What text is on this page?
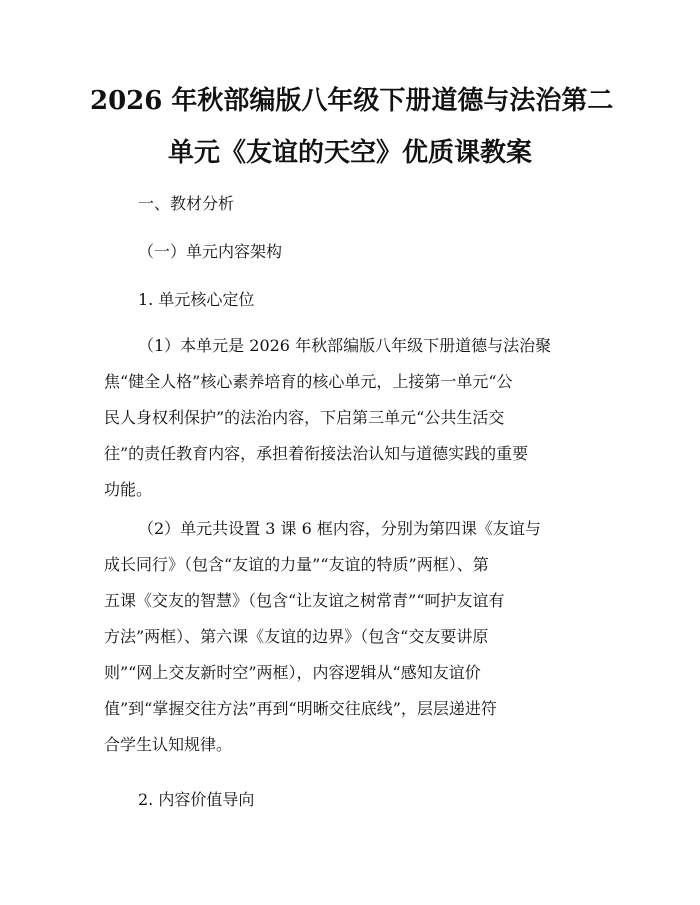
2026 年秋部编版八年级下册道德与法治第二
单元《友谊的天空》优质课教案

一、教材分析

（一）单元内容架构

1. 单元核心定位

（1）本单元是 2026 年秋部编版八年级下册道德与法治聚

焦“健全人格”核心素养培育的核心单元，上接第一单元“公

民人身权利保护”的法治内容，下启第三单元“公共生活交

往”的责任教育内容，承担着衔接法治认知与道德实践的重要

功能。

（2）单元共设置 3 课 6 框内容，分别为第四课《友谊与

成长同行》（包含“友谊的力量”“友谊的特质”两框）、第

五课《交友的智慧》（包含“让友谊之树常青”“呵护友谊有

方法”两框）、第六课《友谊的边界》（包含“交友要讲原

则”“网上交友新时空”两框），内容逻辑从“感知友谊价

值”到“掌握交往方法”再到“明晰交往底线”，层层递进符

合学生认知规律。

2. 内容价值导向
